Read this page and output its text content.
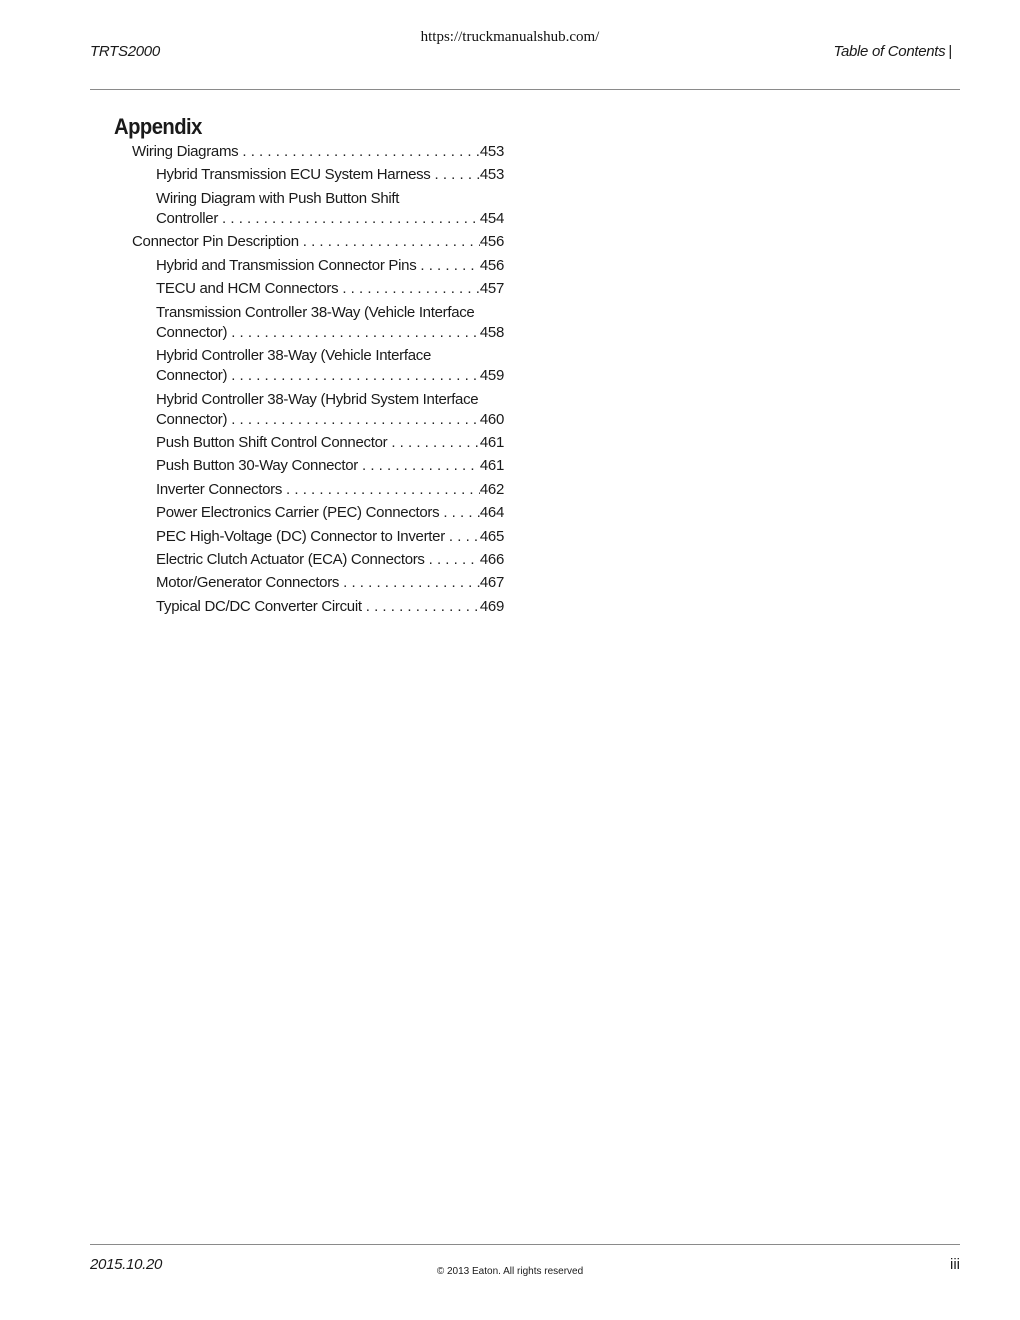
https://truckmanualshub.com/
TRTS2000	Table of Contents |
Appendix
Wiring Diagrams . . .	453
Hybrid Transmission ECU System Harness . . .	453
Wiring Diagram with Push Button Shift
Controller . . .	454
Connector Pin Description . . .	456
Hybrid and Transmission Connector Pins . . .	456
TECU and HCM Connectors . . .	457
Transmission Controller 38-Way (Vehicle Interface
Connector) . . .	458
Hybrid Controller 38-Way (Vehicle Interface
Connector) . . .	459
Hybrid Controller 38-Way (Hybrid System Interface
Connector) . . .	460
Push Button Shift Control Connector . . .	461
Push Button 30-Way Connector . . .	461
Inverter Connectors . . .	462
Power Electronics Carrier (PEC) Connectors . . .	464
PEC High-Voltage (DC) Connector to Inverter . . . 465
Electric Clutch Actuator (ECA) Connectors . . .	466
Motor/Generator Connectors . . .	467
Typical DC/DC Converter Circuit . . .	469
2015.10.20	© 2013 Eaton. All rights reserved	iii
